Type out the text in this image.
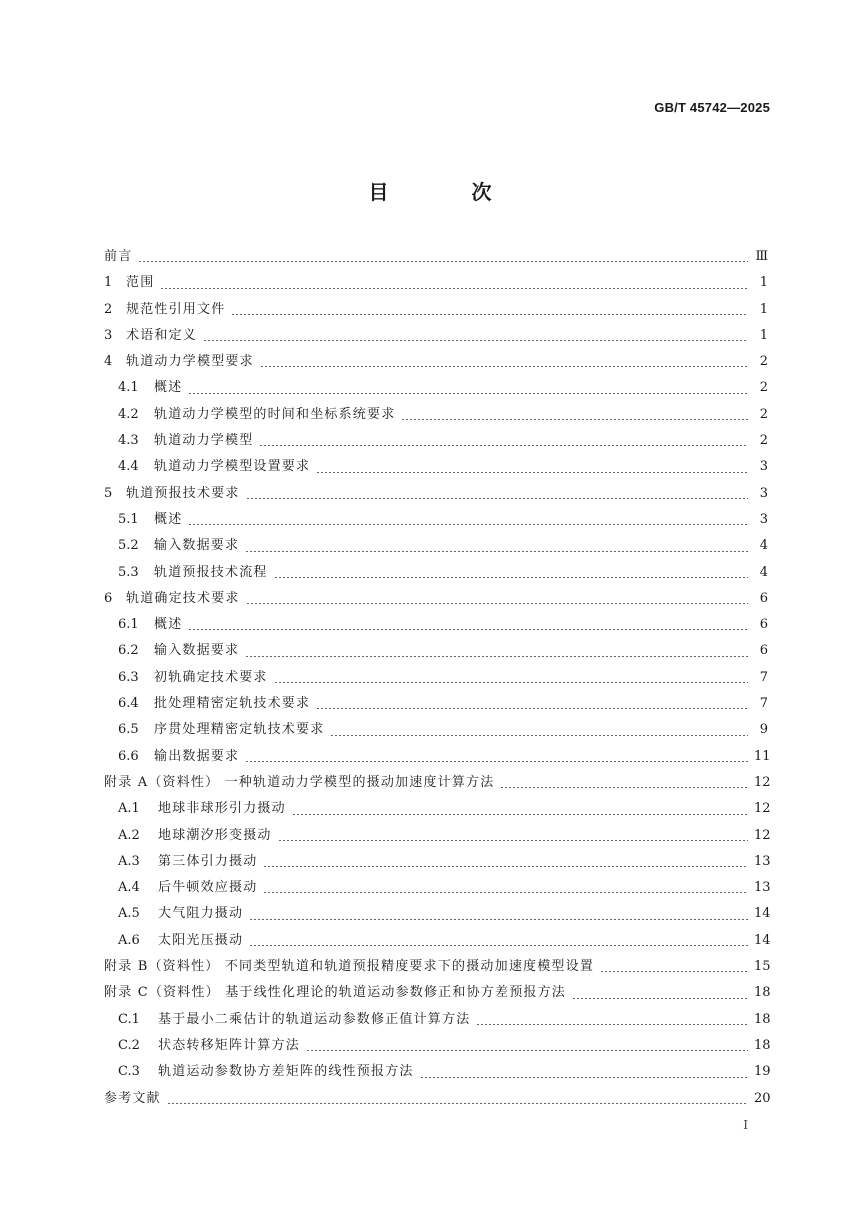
GB/T 45742—2025
目 次
前言	Ⅲ
1	范围	1
2	规范性引用文件	1
3	术语和定义	1
4	轨道动力学模型要求	2
4.1	概述	2
4.2	轨道动力学模型的时间和坐标系统要求	2
4.3	轨道动力学模型	2
4.4	轨道动力学模型设置要求	3
5	轨道预报技术要求	3
5.1	概述	3
5.2	输入数据要求	4
5.3	轨道预报技术流程	4
6	轨道确定技术要求	6
6.1	概述	6
6.2	输入数据要求	6
6.3	初轨确定技术要求	7
6.4	批处理精密定轨技术要求	7
6.5	序贯处理精密定轨技术要求	9
6.6	输出数据要求	11
附录 A（资料性） 一种轨道动力学模型的摄动加速度计算方法	12
A.1	地球非球形引力摄动	12
A.2	地球潮汐形变摄动	12
A.3	第三体引力摄动	13
A.4	后牛顿效应摄动	13
A.5	大气阻力摄动	14
A.6	太阳光压摄动	14
附录 B（资料性） 不同类型轨道和轨道预报精度要求下的摄动加速度模型设置	15
附录 C（资料性） 基于线性化理论的轨道运动参数修正和协方差预报方法	18
C.1	基于最小二乘估计的轨道运动参数修正值计算方法	18
C.2	状态转移矩阵计算方法	18
C.3	轨道运动参数协方差矩阵的线性预报方法	19
参考文献	20
I
